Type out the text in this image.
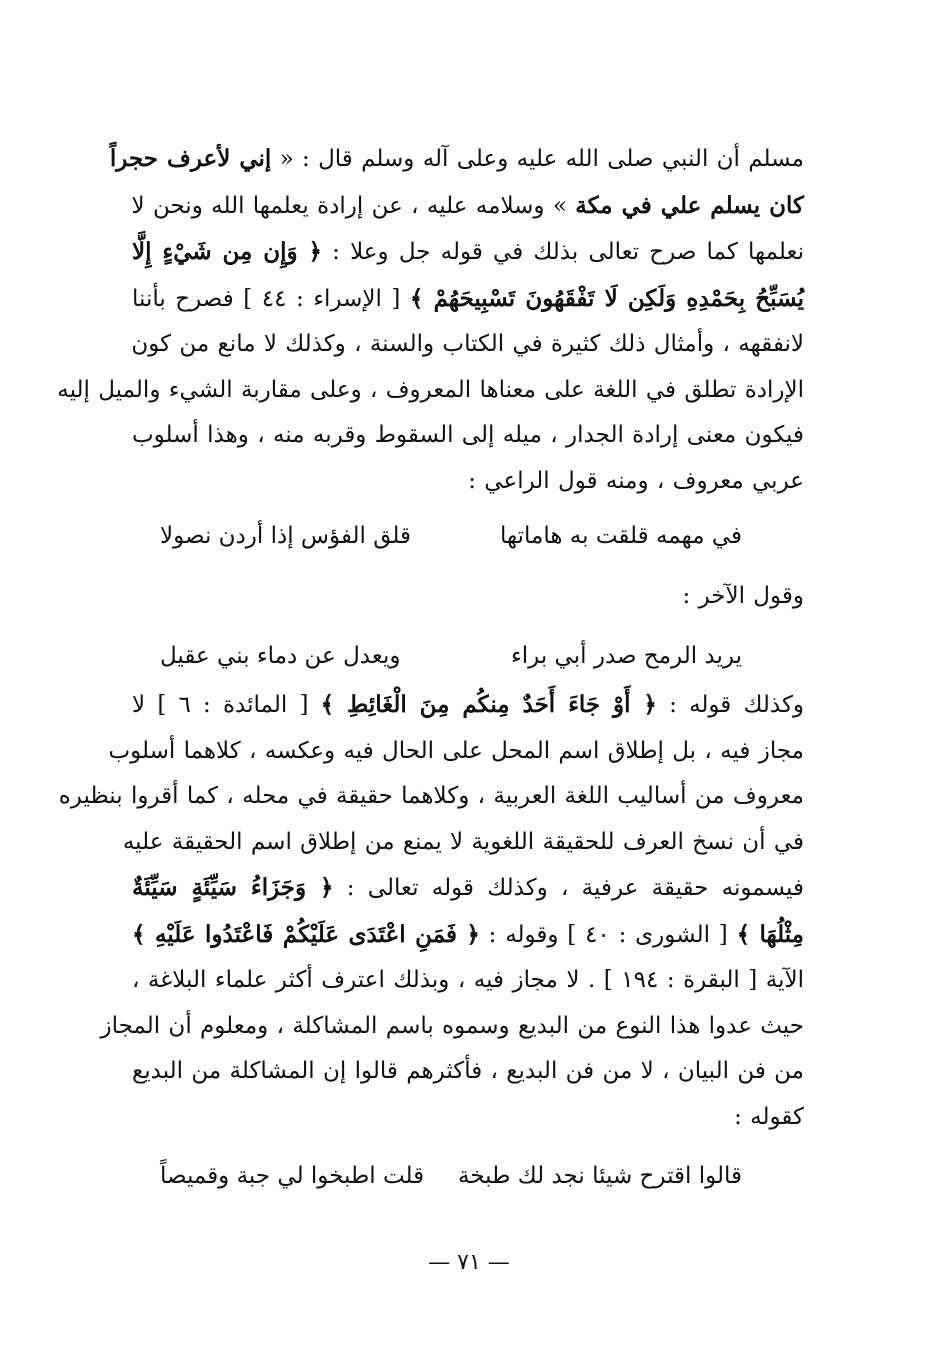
مسلم أن النبي صلى الله عليه وعلى آله وسلم قال : « إني لأعرف حجراً
كان يسلم علي في مكة » وسلامه عليه ، عن إرادة يعلمها الله ونحن لا
نعلمها كما صرح تعالى بذلك في قوله جل وعلا : ﴿ وَإِن مِن شَيْءٍ إِلَّا
يُسَبِّحُ بِحَمْدِهِ وَلَكِن لَا تَفْقَهُونَ تَسْبِيحَهُمْ ﴾ [ الإسراء : ٤٤ ] فصرح بأننا
لانفقهه ، وأمثال ذلك كثيرة في الكتاب والسنة ، وكذلك لا مانع من كون
الإرادة تطلق في اللغة على معناها المعروف ، وعلى مقاربة الشيء والميل إليه
فيكون معنى إرادة الجدار ، ميله إلى السقوط وقربه منه ، وهذا أسلوب
عربي معروف ، ومنه قول الراعي :
في مهمه قلقت به هاماتها
قلق الفؤس إذا أردن نصولا
وقول الآخر :
يريد الرمح صدر أبي براء
ويعدل عن دماء بني عقيل
وكذلك قوله : ﴿ أَوْ جَاءَ أَحَدٌ مِنكُم مِنَ الْغَائِطِ ﴾ [ المائدة : ٦ ] لا
مجاز فيه ، بل إطلاق اسم المحل على الحال فيه وعكسه ، كلاهما أسلوب
معروف من أساليب اللغة العربية ، وكلاهما حقيقة في محله ، كما أقروا بنظيره
في أن نسخ العرف للحقيقة اللغوية لا يمنع من إطلاق اسم الحقيقة عليه
فيسمونه حقيقة عرفية ، وكذلك قوله تعالى : ﴿ وَجَزَاءُ سَيِّئَةٍ سَيِّئَةٌ
مِثْلُهَا ﴾ [ الشورى : ٤٠ ] وقوله : ﴿ فَمَنِ اعْتَدَى عَلَيْكُمْ فَاعْتَدُوا عَلَيْهِ ﴾
الآية [ البقرة : ١٩٤ ] . لا مجاز فيه ، وبذلك اعترف أكثر علماء البلاغة ،
حيث عدوا هذا النوع من البديع وسموه باسم المشاكلة ، ومعلوم أن المجاز
من فن البيان ، لا من فن البديع ، فأكثرهم قالوا إن المشاكلة من البديع
كقوله :
قالوا اقترح شيئا نجد لك طبخة
قلت اطبخوا لي جبة وقميصاً
— ٧١ —
